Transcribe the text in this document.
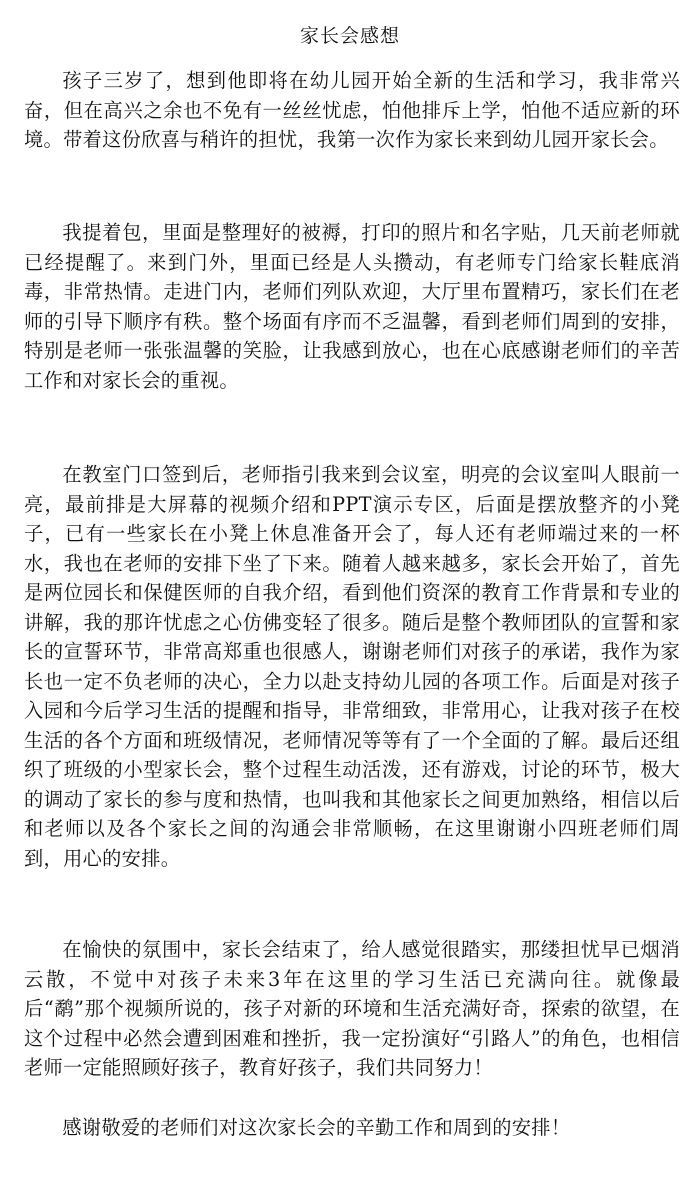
家长会感想

孩子三岁了，想到他即将在幼儿园开始全新的生活和学习，我非常兴奋，但在高兴之余也不免有一丝丝忧虑，怕他排斥上学，怕他不适应新的环境。带着这份欣喜与稍许的担忧，我第一次作为家长来到幼儿园开家长会。

我提着包，里面是整理好的被褥，打印的照片和名字贴，几天前老师就已经提醒了。来到门外，里面已经是人头攒动，有老师专门给家长鞋底消毒，非常热情。走进门内，老师们列队欢迎，大厅里布置精巧，家长们在老师的引导下顺序有秩。整个场面有序而不乏温馨，看到老师们周到的安排，特别是老师一张张温馨的笑脸，让我感到放心，也在心底感谢老师们的辛苦工作和对家长会的重视。

在教室门口签到后，老师指引我来到会议室，明亮的会议室叫人眼前一亮，最前排是大屏幕的视频介绍和PPT演示专区，后面是摆放整齐的小凳子，已有一些家长在小凳上休息准备开会了，每人还有老师端过来的一杯水，我也在老师的安排下坐了下来。随着人越来越多，家长会开始了，首先是两位园长和保健医师的自我介绍，看到他们资深的教育工作背景和专业的讲解，我的那许忧虑之心仿佛变轻了很多。随后是整个教师团队的宣誓和家长的宣誓环节，非常高郑重也很感人，谢谢老师们对孩子的承诺，我作为家长也一定不负老师的决心，全力以赴支持幼儿园的各项工作。后面是对孩子入园和今后学习生活的提醒和指导，非常细致，非常用心，让我对孩子在校生活的各个方面和班级情况，老师情况等等有了一个全面的了解。最后还组织了班级的小型家长会，整个过程生动活泼，还有游戏，讨论的环节，极大的调动了家长的参与度和热情，也叫我和其他家长之间更加熟络，相信以后和老师以及各个家长之间的沟通会非常顺畅，在这里谢谢小四班老师们周到，用心的安排。

在愉快的氛围中，家长会结束了，给人感觉很踏实，那缕担忧早已烟消云散，不觉中对孩子未来3年在这里的学习生活已充满向往。就像最后“鹬”那个视频所说的，孩子对新的环境和生活充满好奇，探索的欲望，在这个过程中必然会遭到困难和挫折，我一定扮演好“引路人”的角色，也相信老师一定能照顾好孩子，教育好孩子，我们共同努力！

感谢敬爱的老师们对这次家长会的辛勤工作和周到的安排！
